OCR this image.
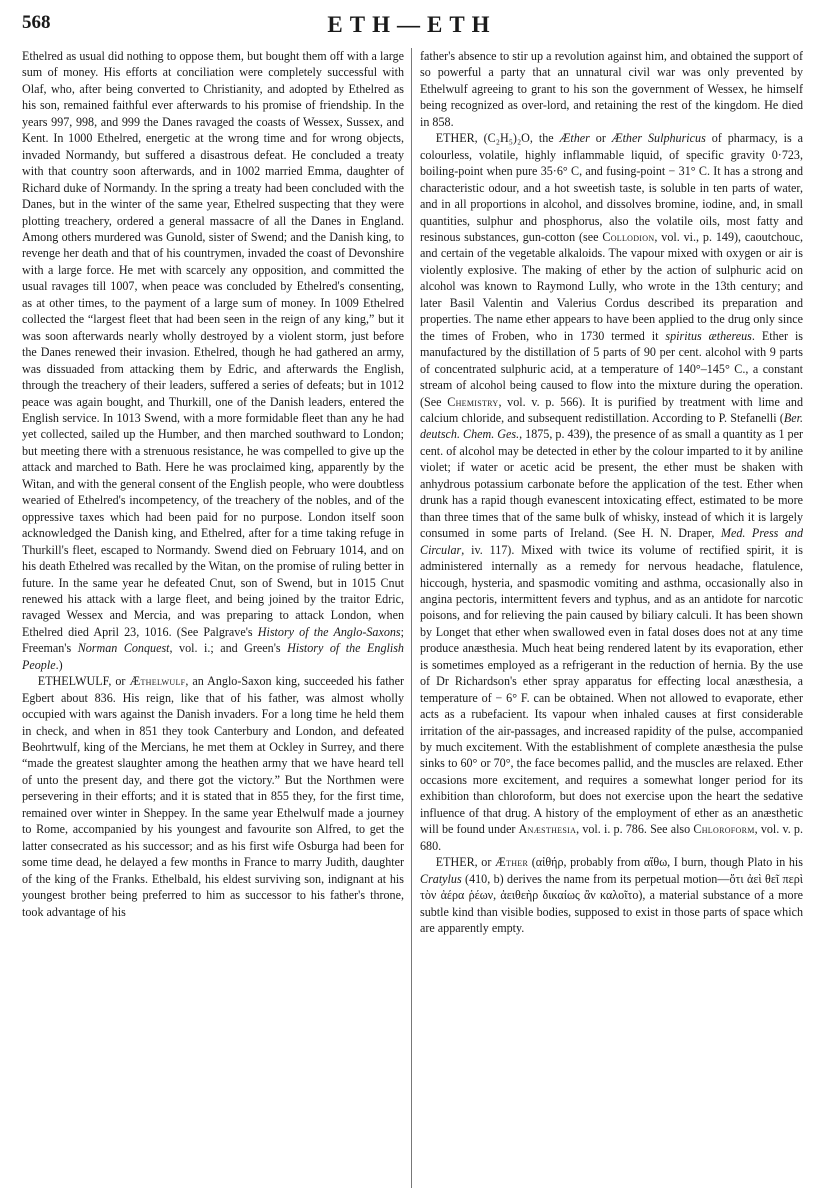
568	ETH—ETH

Ethelred as usual did nothing to oppose them, but bought them off with a large sum of money. His efforts at conciliation were completely successful with Olaf, who, after being converted to Christianity, and adopted by Ethelred as his son, remained faithful ever afterwards to his promise of friendship. In the years 997, 998, and 999 the Danes ravaged the coasts of Wessex, Sussex, and Kent. In 1000 Ethelred, energetic at the wrong time and for wrong objects, invaded Normandy, but suffered a disastrous defeat. He concluded a treaty with that country soon afterwards, and in 1002 married Emma, daughter of Richard duke of Normandy. In the spring a treaty had been concluded with the Danes, but in the winter of the same year, Ethelred suspecting that they were plotting treachery, ordered a general massacre of all the Danes in England. Among others murdered was Gunold, sister of Swend; and the Danish king, to revenge her death and that of his countrymen, invaded the coast of Devonshire with a large force. He met with scarcely any opposition, and committed the usual ravages till 1007, when peace was concluded by Ethelred's consenting, as at other times, to the payment of a large sum of money. In 1009 Ethelred collected the “largest fleet that had been seen in the reign of any king,” but it was soon afterwards nearly wholly destroyed by a violent storm, just before the Danes renewed their invasion. Ethelred, though he had gathered an army, was dissuaded from attacking them by Edric, and afterwards the English, through the treachery of their leaders, suffered a series of defeats; but in 1012 peace was again bought, and Thurkill, one of the Danish leaders, entered the English service. In 1013 Swend, with a more formidable fleet than any he had yet collected, sailed up the Humber, and then marched southward to London; but meeting there with a strenuous resistance, he was compelled to give up the attack and marched to Bath. Here he was proclaimed king, apparently by the Witan, and with the general consent of the English people, who were doubtless wearied of Ethelred's incompetency, of the treachery of the nobles, and of the oppressive taxes which had been paid for no purpose. London itself soon acknowledged the Danish king, and Ethelred, after for a time taking refuge in Thurkill's fleet, escaped to Normandy. Swend died on February 1014, and on his death Ethelred was recalled by the Witan, on the promise of ruling better in future. In the same year he defeated Cnut, son of Swend, but in 1015 Cnut renewed his attack with a large fleet, and being joined by the traitor Edric, ravaged Wessex and Mercia, and was preparing to attack London, when Ethelred died April 23, 1016. (See Palgrave's History of the Anglo-Saxons; Freeman's Norman Conquest, vol. i.; and Green's History of the English People.)

ETHELWULF, or Æthelwulf, an Anglo-Saxon king, succeeded his father Egbert about 836. His reign, like that of his father, was almost wholly occupied with wars against the Danish invaders. For a long time he held them in check, and when in 851 they took Canterbury and London, and defeated Beohrtwulf, king of the Mercians, he met them at Ockley in Surrey, and there “made the greatest slaughter among the heathen army that we have heard tell of unto the present day, and there got the victory.” But the Northmen were persevering in their efforts; and it is stated that in 855 they, for the first time, remained over winter in Sheppey. In the same year Ethelwulf made a journey to Rome, accompanied by his youngest and favourite son Alfred, to get the latter consecrated as his successor; and as his first wife Osburga had been for some time dead, he delayed a few months in France to marry Judith, daughter of the king of the Franks. Ethelbald, his eldest surviving son, indignant at his youngest brother being preferred to him as successor to his father's throne, took advantage of his

father's absence to stir up a revolution against him, and obtained the support of so powerful a party that an unnatural civil war was only prevented by Ethelwulf agreeing to grant to his son the government of Wessex, he himself being recognized as over-lord, and retaining the rest of the kingdom. He died in 858.

ETHER, (C₂H₅)₂O, the Æther or Æther Sulphuricus of pharmacy, is a colourless, volatile, highly inflammable liquid, of specific gravity 0·723, boiling-point when pure 35·6° C, and fusing-point − 31° C. It has a strong and characteristic odour, and a hot sweetish taste, is soluble in ten parts of water, and in all proportions in alcohol, and dissolves bromine, iodine, and, in small quantities, sulphur and phosphorus, also the volatile oils, most fatty and resinous substances, gun-cotton (see Collodion, vol. vi., p. 149), caoutchouc, and certain of the vegetable alkaloids. The vapour mixed with oxygen or air is violently explosive. The making of ether by the action of sulphuric acid on alcohol was known to Raymond Lully, who wrote in the 13th century; and later Basil Valentin and Valerius Cordus described its preparation and properties. The name ether appears to have been applied to the drug only since the times of Froben, who in 1730 termed it spiritus æthereus. Ether is manufactured by the distillation of 5 parts of 90 per cent. alcohol with 9 parts of concentrated sulphuric acid, at a temperature of 140°–145° C., a constant stream of alcohol being caused to flow into the mixture during the operation. (See Chemistry, vol. v. p. 566). It is purified by treatment with lime and calcium chloride, and subsequent redistillation. According to P. Stefanelli (Ber. deutsch. Chem. Ges., 1875, p. 439), the presence of as small a quantity as 1 per cent. of alcohol may be detected in ether by the colour imparted to it by aniline violet; if water or acetic acid be present, the ether must be shaken with anhydrous potassium carbonate before the application of the test. Ether when drunk has a rapid though evanescent intoxicating effect, estimated to be more than three times that of the same bulk of whisky, instead of which it is largely consumed in some parts of Ireland. (See H. N. Draper, Med. Press and Circular, iv. 117). Mixed with twice its volume of rectified spirit, it is administered internally as a remedy for nervous headache, flatulence, hiccough, hysteria, and spasmodic vomiting and asthma, occasionally also in angina pectoris, intermittent fevers and typhus, and as an antidote for narcotic poisons, and for relieving the pain caused by biliary calculi. It has been shown by Longet that ether when swallowed even in fatal doses does not at any time produce anæsthesia. Much heat being rendered latent by its evaporation, ether is sometimes employed as a refrigerant in the reduction of hernia. By the use of Dr Richardson's ether spray apparatus for effecting local anæsthesia, a temperature of − 6° F. can be obtained. When not allowed to evaporate, ether acts as a rubefacient. Its vapour when inhaled causes at first considerable irritation of the air-passages, and increased rapidity of the pulse, accompanied by much excitement. With the establishment of complete anæsthesia the pulse sinks to 60° or 70°, the face becomes pallid, and the muscles are relaxed. Ether occasions more excitement, and requires a somewhat longer period for its exhibition than chloroform, but does not exercise upon the heart the sedative influence of that drug. A history of the employment of ether as an anæsthetic will be found under Anæsthesia, vol. i. p. 786. See also Chloroform, vol. v. p. 680.

ETHER, or Æther (αἰθήρ, probably from αἴθω, I burn, though Plato in his Cratylus (410, b) derives the name from its perpetual motion—ὅτι ἀεὶ θεῖ περὶ τὸν ἀέρα ῥέων, ἀειθεὴρ δικαίως ἂν καλοῖτο), a material substance of a more subtle kind than visible bodies, supposed to exist in those parts of space which are apparently empty.
